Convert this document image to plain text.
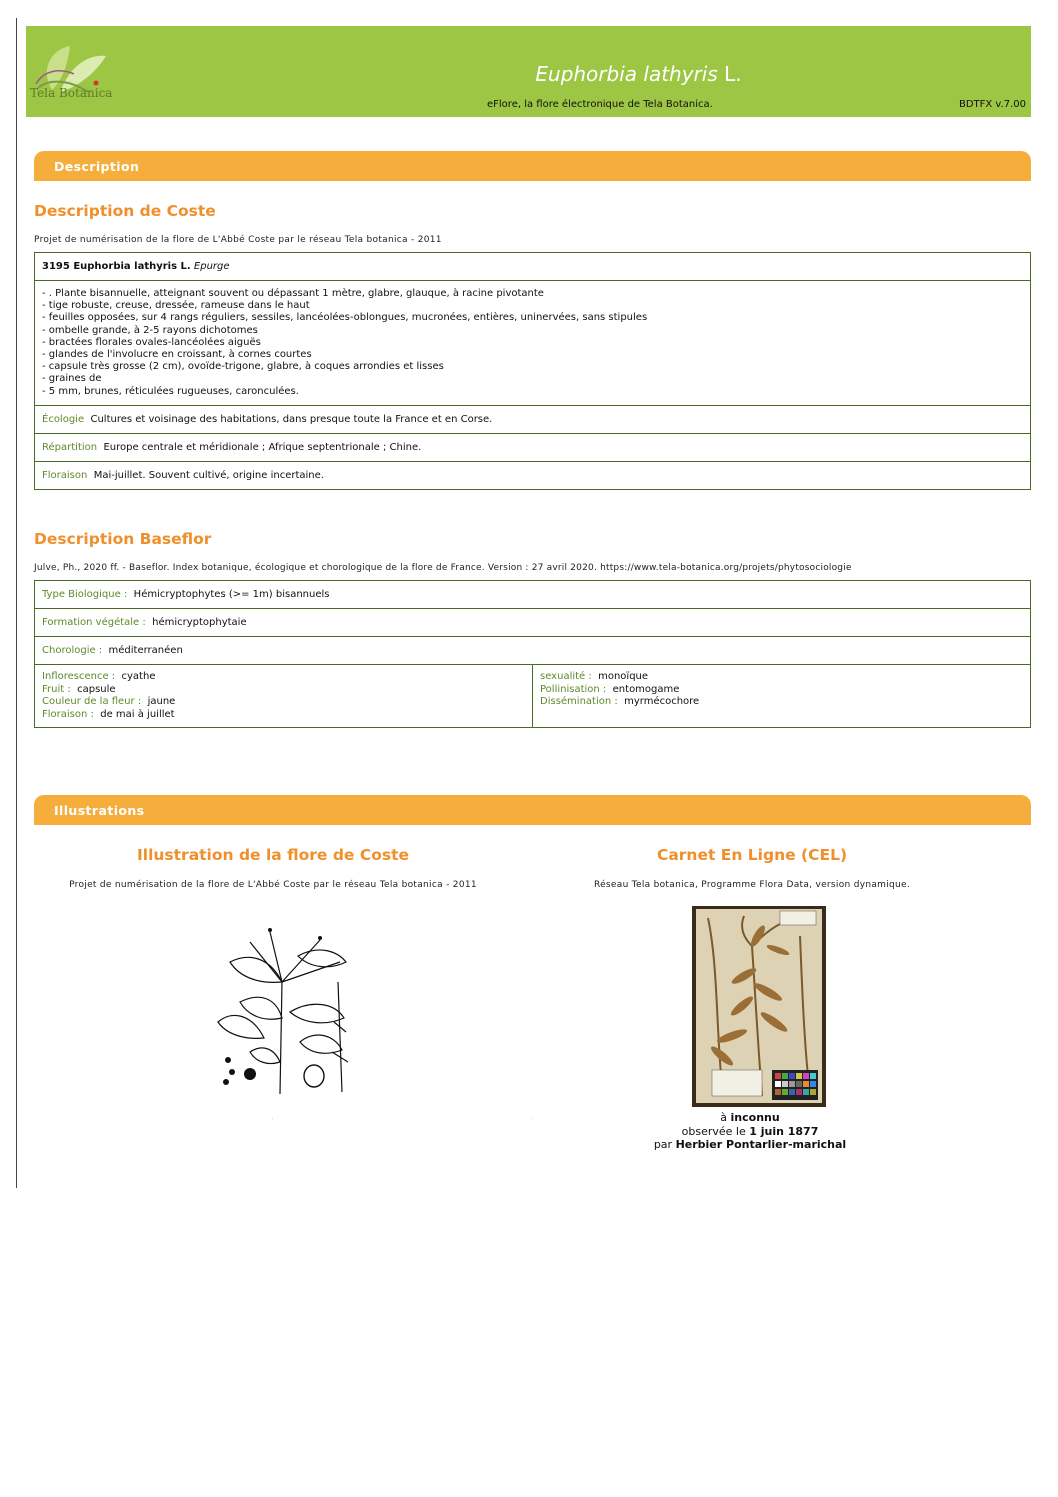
Tela Botanica
Euphorbia lathyris L.
eFlore, la flore électronique de Tela Botanica.	BDTFX v.7.00
Description
Description de Coste
Projet de numérisation de la flore de L'Abbé Coste par le réseau Tela botanica - 2011
3195 Euphorbia lathyris L. Epurge
- . Plante bisannuelle, atteignant souvent ou dépassant 1 mètre, glabre, glauque, à racine pivotante
- tige robuste, creuse, dressée, rameuse dans le haut
- feuilles opposées, sur 4 rangs réguliers, sessiles, lancéolées-oblongues, mucronées, entières, uninervées, sans stipules
- ombelle grande, à 2-5 rayons dichotomes
- bractées florales ovales-lancéolées aiguës
- glandes de l'involucre en croissant, à cornes courtes
- capsule très grosse (2 cm), ovoïde-trigone, glabre, à coques arrondies et lisses
- graines de
- 5 mm, brunes, réticulées rugueuses, caronculées.
Écologie Cultures et voisinage des habitations, dans presque toute la France et en Corse.
Répartition Europe centrale et méridionale ; Afrique septentrionale ; Chine.
Floraison Mai-juillet. Souvent cultivé, origine incertaine.
Description Baseflor
Julve, Ph., 2020 ff. - Baseflor. Index botanique, écologique et chorologique de la flore de France. Version : 27 avril 2020. https://www.tela-botanica.org/projets/phytosociologie
Type Biologique : Hémicryptophytes (>= 1m) bisannuels
Formation végétale : hémicryptophytaie
Chorologie : méditerranéen
Inflorescence : cyathe
Fruit : capsule
Couleur de la fleur : jaune
Floraison : de mai à juillet
sexualité : monoïque
Pollinisation : entomogame
Dissémination : myrmécochore
Illustrations
Illustration de la flore de Coste
Projet de numérisation de la flore de L'Abbé Coste par le réseau Tela botanica - 2011
Carnet En Ligne (CEL)
Réseau Tela botanica, Programme Flora Data, version dynamique.
˙	˙	à inconnu
observée le 1 juin 1877
par Herbier Pontarlier-marichal
